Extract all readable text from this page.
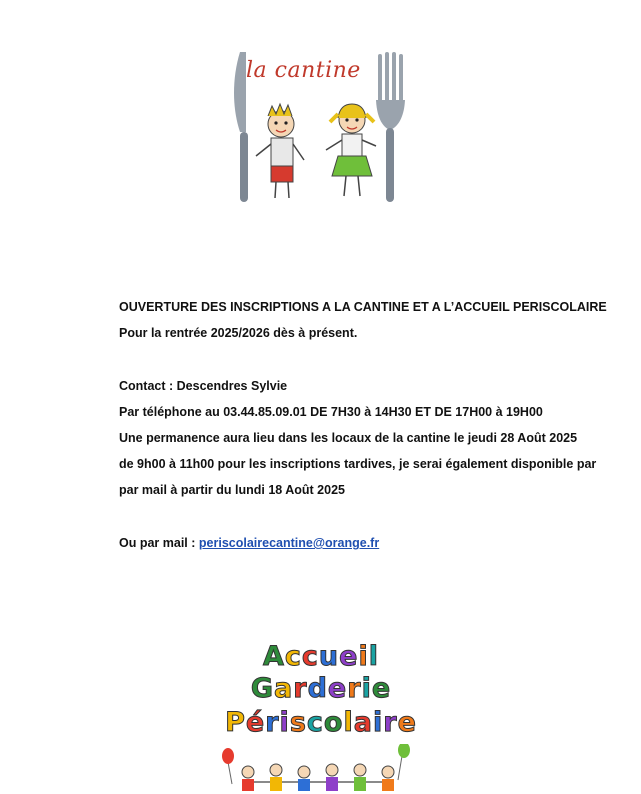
la cantine
OUVERTURE DES INSCRIPTIONS A LA CANTINE ET A L’ACCUEIL PERISCOLAIRE
Pour la rentrée 2025/2026 dès à présent.
Contact : Descendres Sylvie
Par téléphone au 03.44.85.09.01 DE 7H30 à 14H30 ET DE 17H00 à 19H00
Une permanence aura lieu dans les locaux de la cantine le jeudi 28 Août 2025
de 9h00 à 11h00 pour les inscriptions tardives, je serai également disponible par
par mail à partir du lundi 18 Août 2025
Ou par mail : periscolairecantine@orange.fr
Accueil
Garderie
Périscolaire
